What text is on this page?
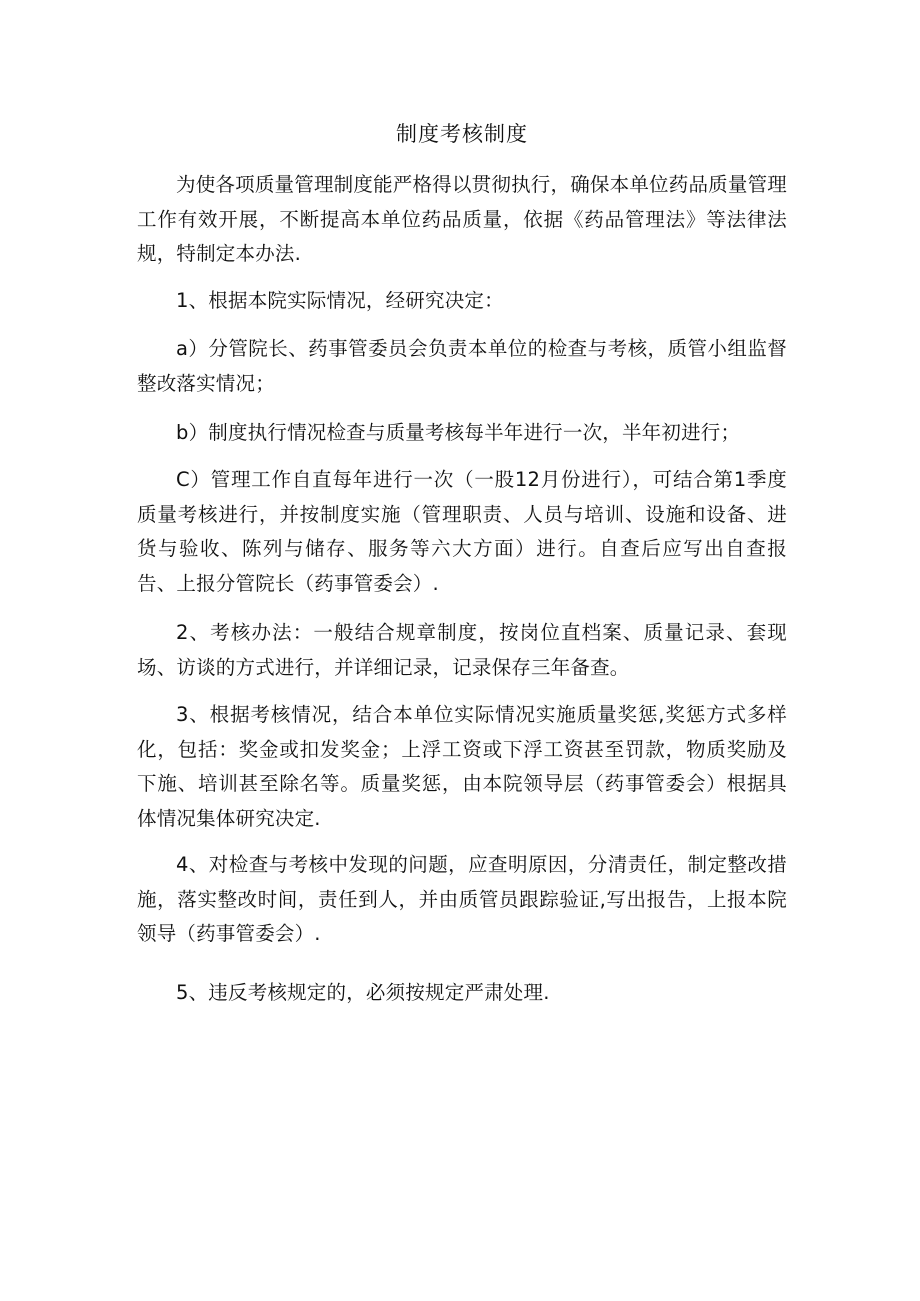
制度考核制度

为使各项质量管理制度能严格得以贯彻执行，确保本单位药品质量管理工作有效开展，不断提高本单位药品质量，依据《药品管理法》等法律法规，特制定本办法.

1、根据本院实际情况，经研究决定：

a）分管院长、药事管委员会负责本单位的检查与考核，质管小组监督整改落实情况；

b）制度执行情况检查与质量考核每半年进行一次，半年初进行；

C）管理工作自直每年进行一次（一股12月份进行），可结合第1季度质量考核进行，并按制度实施（管理职责、人员与培训、设施和设备、进货与验收、陈列与储存、服务等六大方面）进行。自查后应写出自查报告、上报分管院长（药事管委会）.

2、考核办法：一般结合规章制度，按岗位直档案、质量记录、套现场、访谈的方式进行，并详细记录，记录保存三年备查。

3、根据考核情况，结合本单位实际情况实施质量奖惩,奖惩方式多样化，包括：奖金或扣发奖金；上浮工资或下浮工资甚至罚款，物质奖励及下施、培训甚至除名等。质量奖惩，由本院领导层（药事管委会）根据具体情况集体研究决定.

4、对检查与考核中发现的问题，应查明原因，分清责任，制定整改措施，落实整改时间，责任到人，并由质管员跟踪验证,写出报告，上报本院领导（药事管委会）.

5、违反考核规定的，必须按规定严肃处理.
